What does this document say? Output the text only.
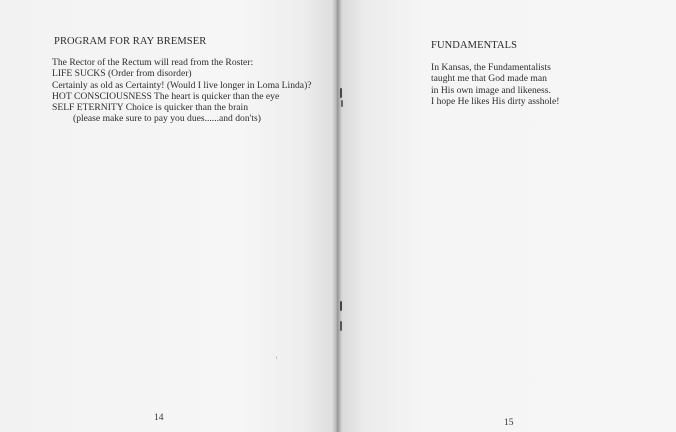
PROGRAM FOR RAY BREMSER
The Rector of the Rectum will read from the Roster:
LIFE SUCKS (Order from disorder)
Certainly as old as Certainty! (Would I live longer in Loma Linda)?
HOT CONSCIOUSNESS The heart is quicker than the eye
SELF ETERNITY Choice is quicker than the brain
(please make sure to pay you dues......and don'ts)
14
FUNDAMENTALS
In Kansas, the Fundamentalists
taught me that God made man
in His own image and likeness.
I hope He likes His dirty asshole!
15
